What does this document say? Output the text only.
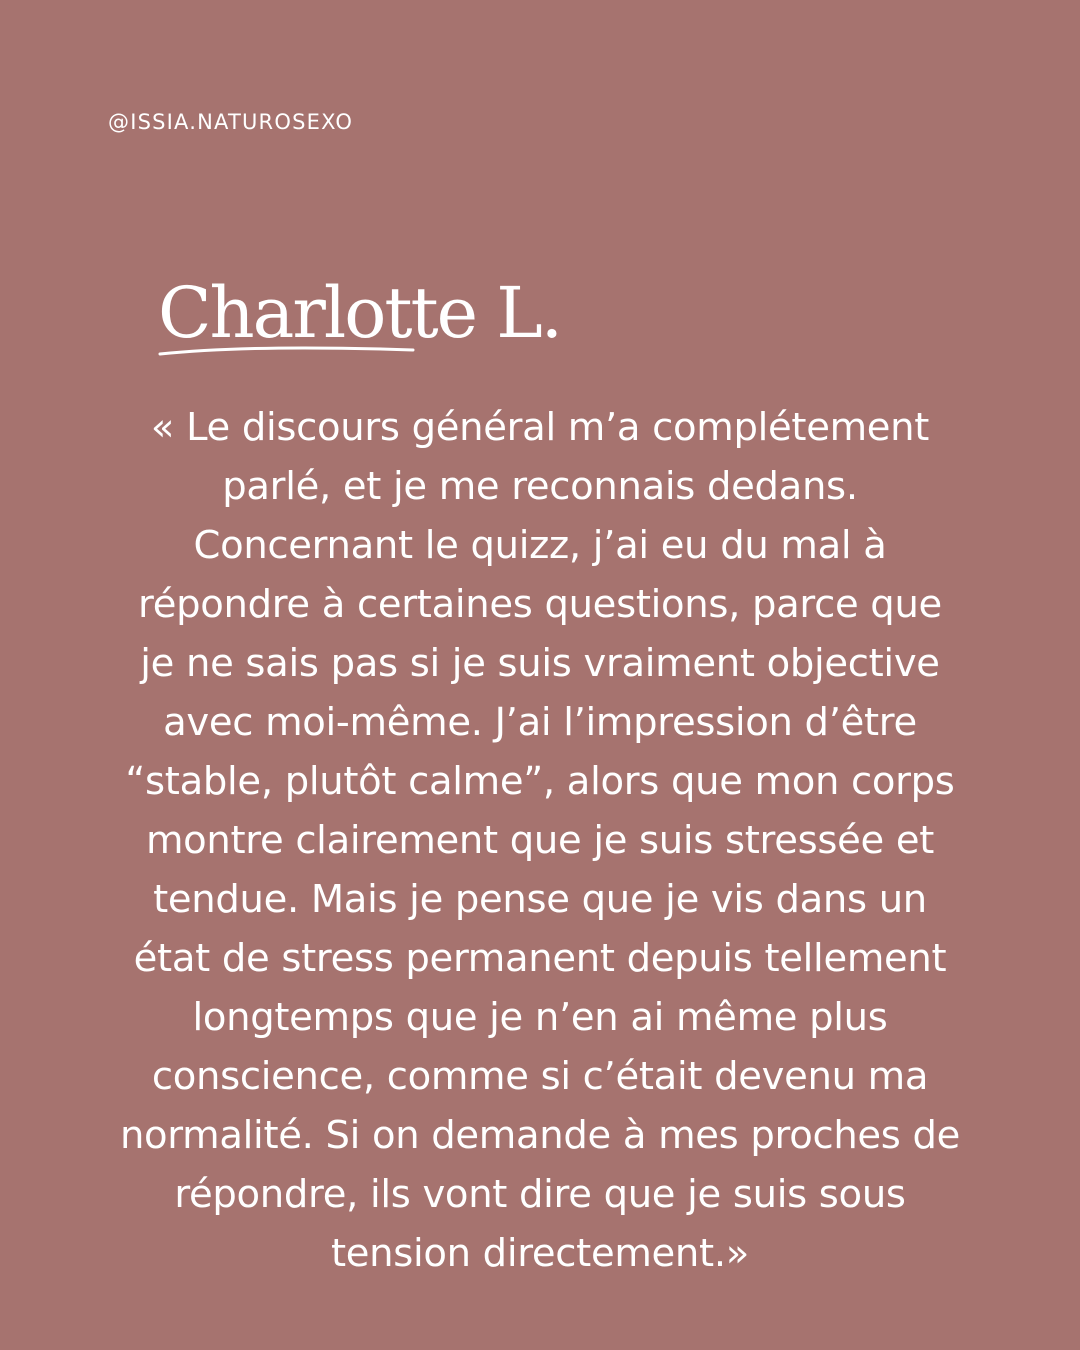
@ISSIA.NATUROSEXO
Charlotte L.
« Le discours général m’a complétement
parlé, et je me reconnais dedans.
Concernant le quizz, j’ai eu du mal à
répondre à certaines questions, parce que
je ne sais pas si je suis vraiment objective
avec moi-même. J’ai l’impression d’être
“stable, plutôt calme”, alors que mon corps
montre clairement que je suis stressée et
tendue. Mais je pense que je vis dans un
état de stress permanent depuis tellement
longtemps que je n’en ai même plus
conscience, comme si c’était devenu ma
normalité. Si on demande à mes proches de
répondre, ils vont dire que je suis sous
tension directement.»
